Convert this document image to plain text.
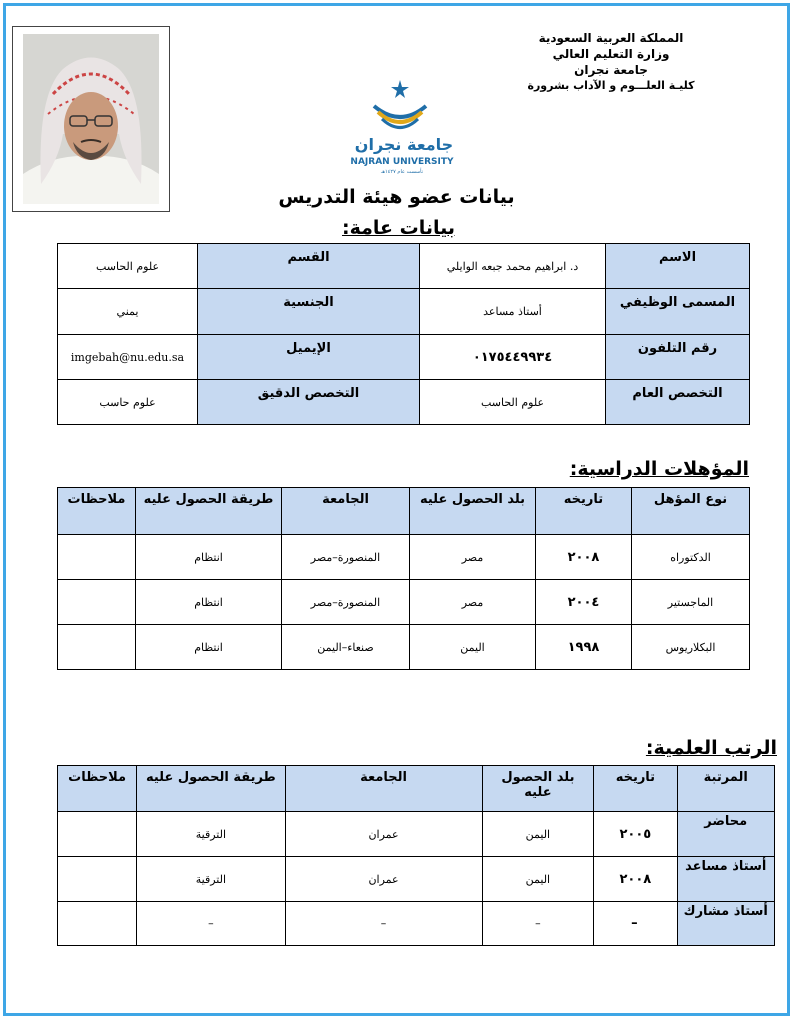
المملكة العربية السعودية
وزارة التعليم العالي
جامعة نجران
كليـة العلـــوم و الآداب بشرورة
جامعة نجران
NAJRAN UNIVERSITY
تأسست عام ١٤٢٧هـ
بيانات عضو هيئة التدريس
بيانات عامة:
الاسم	د. ابراهيم محمد جبعه الوايلي	القسم	علوم الحاسب
المسمى الوظيفي	أستاذ مساعد	الجنسية	يمني
رقم التلفون	٠١٧٥٤٤٩٩٣٤	الإيميل	imgebah@nu.edu.sa
التخصص العام	علوم الحاسب	التخصص الدقيق	علوم حاسب
المؤهلات الدراسية:
نوع المؤهل	تاريخه	بلد الحصول عليه	الجامعة	طريقة الحصول عليه	ملاحظات
الدكتوراه	٢٠٠٨	مصر	المنصورة–مصر	انتظام	
الماجستير	٢٠٠٤	مصر	المنصورة–مصر	انتظام	
البكلاريوس	١٩٩٨	اليمن	صنعاء–اليمن	انتظام	
الرتب العلمية:
المرتبة	تاريخه	بلد الحصول عليه	الجامعة	طريقة الحصول عليه	ملاحظات
محاضر	٢٠٠٥	اليمن	عمران	الترقية	
أستاذ مساعد	٢٠٠٨	اليمن	عمران	الترقية	
أستاذ مشارك	–	–	–	–	
